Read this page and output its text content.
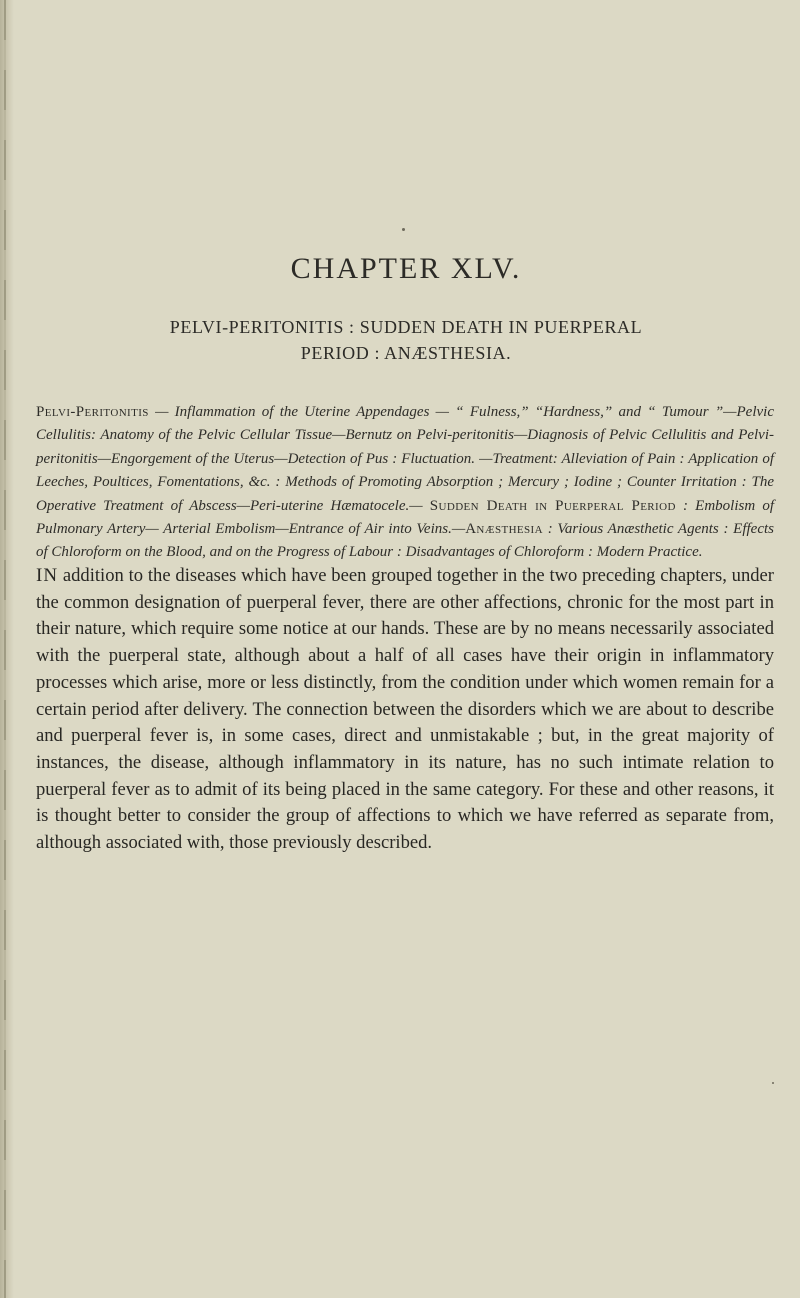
CHAPTER XLV.
PELVI-PERITONITIS : SUDDEN DEATH IN PUERPERAL
PERIOD : ANÆSTHESIA.
Pelvi-Peritonitis — Inflammation of the Uterine Appendages — “ Fulness,” “Hardness,” and “ Tumour ”—Pelvic Cellulitis: Anatomy of the Pelvic Cellular Tissue—Bernutz on Pelvi-peritonitis—Diagnosis of Pelvic Cellulitis and Pelvi-peritonitis—Engorgement of the Uterus—Detection of Pus : Fluctuation. —Treatment: Alleviation of Pain : Application of Leeches, Poultices, Fomentations, &c. : Methods of Promoting Absorption ; Mercury ; Iodine ; Counter Irritation : The Operative Treatment of Abscess—Peri-uterine Hæmatocele.— Sudden Death in Puerperal Period : Embolism of Pulmonary Artery— Arterial Embolism—Entrance of Air into Veins.—Anæsthesia : Various Anæsthetic Agents : Effects of Chloroform on the Blood, and on the Progress of Labour : Disadvantages of Chloroform : Modern Practice.
IN addition to the diseases which have been grouped together in the two preceding chapters, under the common designation of puerperal fever, there are other affections, chronic for the most part in their nature, which require some notice at our hands. These are by no means necessarily associated with the puerperal state, although about a half of all cases have their origin in inflammatory processes which arise, more or less distinctly, from the condition under which women remain for a certain period after delivery. The connection between the disorders which we are about to describe and puerperal fever is, in some cases, direct and unmistakable ; but, in the great majority of instances, the disease, although inflammatory in its nature, has no such intimate relation to puerperal fever as to admit of its being placed in the same category. For these and other reasons, it is thought better to consider the group of affections to which we have referred as separate from, although associated with, those previously described.
